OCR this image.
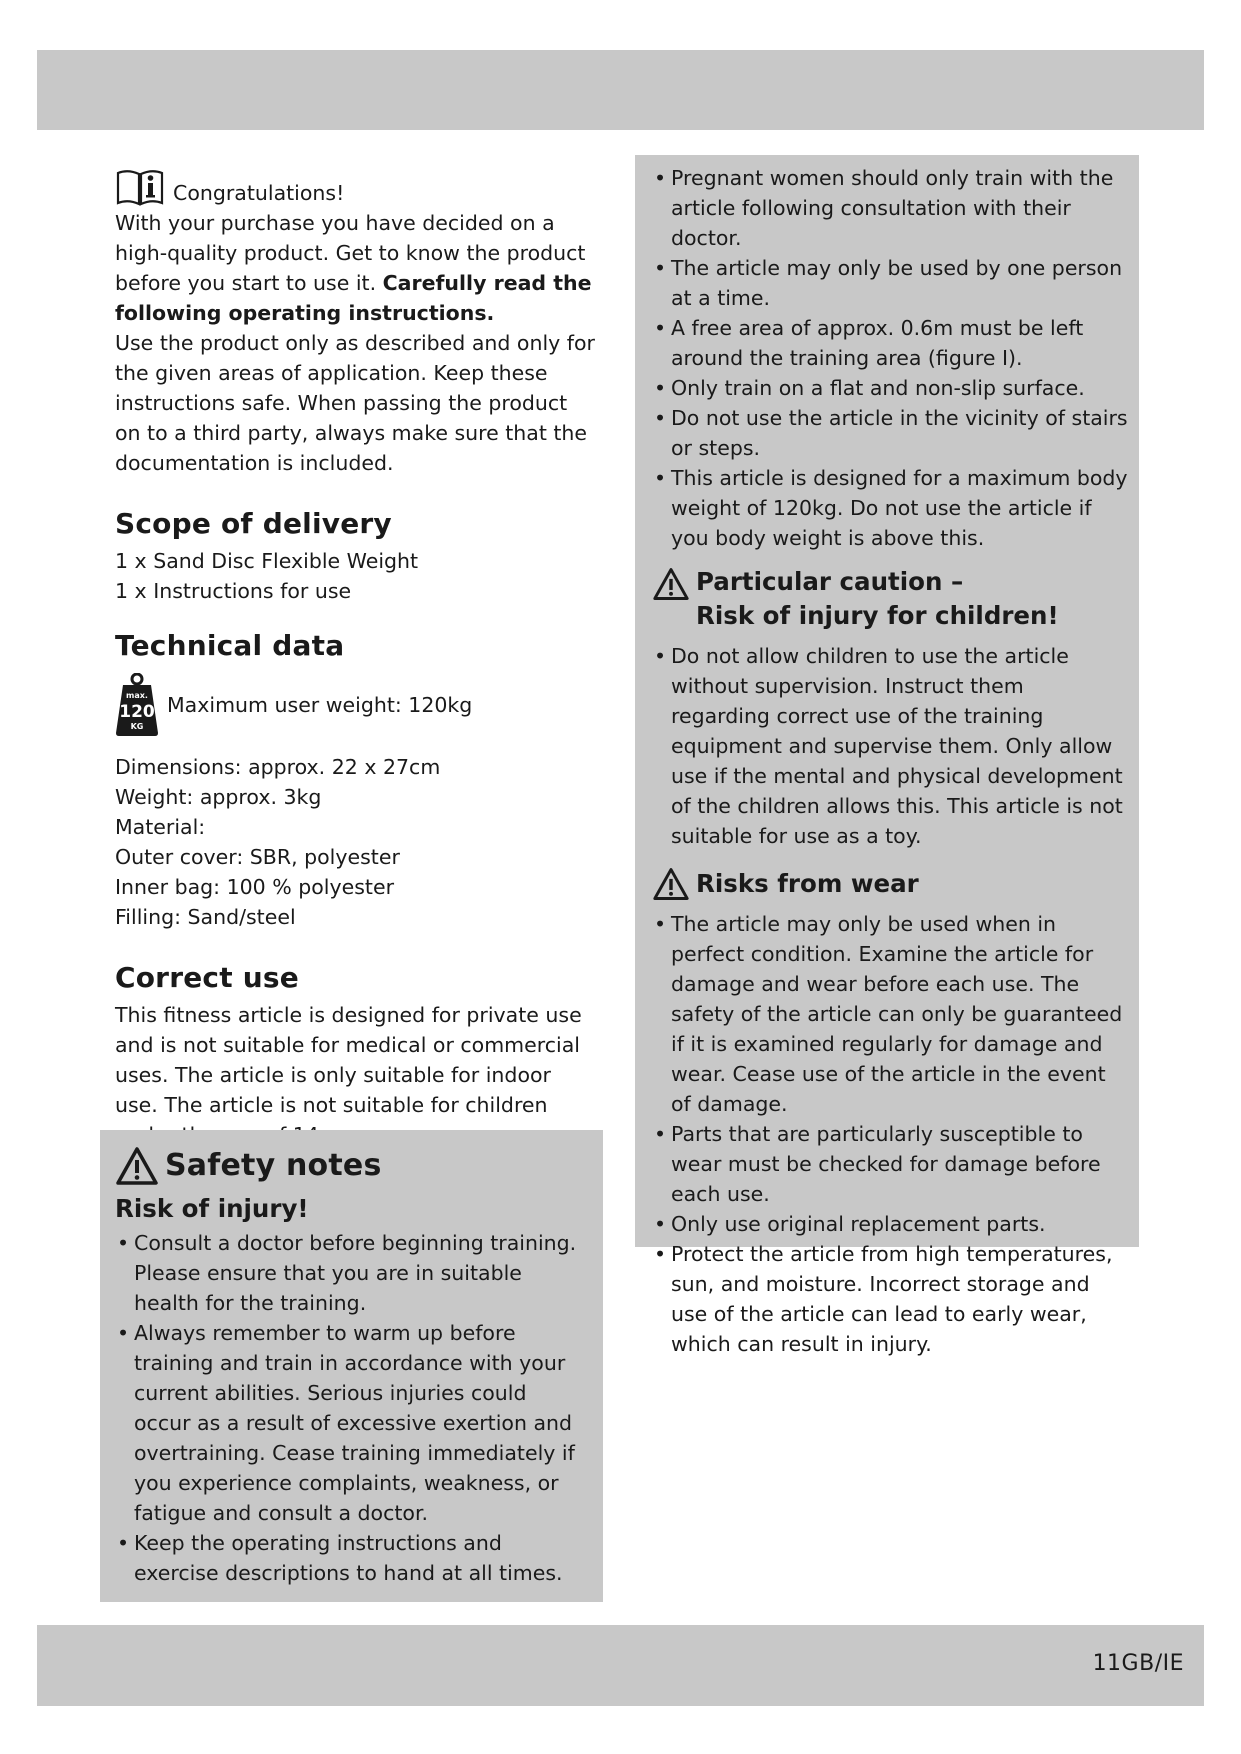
Congratulations!

With your purchase you have decided on a high-quality product. Get to know the product before you start to use it. Carefully read the following operating instructions.

Use the product only as described and only for the given areas of application. Keep these instructions safe. When passing the product on to a third party, always make sure that the documentation is included.

Scope of delivery

1 x Sand Disc Flexible Weight

1 x Instructions for use

Technical data
max.
120
KG
Maximum user weight: 120kg

Dimensions: approx. 22 x 27cm

Weight: approx. 3kg

Material:

Outer cover: SBR, polyester

Inner bag: 100 % polyester

Filling: Sand/steel

Correct use

This fitness article is designed for private use and is not suitable for medical or commercial uses. The article is only suitable for indoor use. The article is not suitable for children

Safety notes
Risk of injury!
• Consult a doctor before beginning training. Please ensure that you are in suitable health for the training.
• Always remember to warm up before training and train in accordance with your current abilities. Serious injuries could occur as a result of excessive exertion and overtraining. Cease training immediately if you experience complaints, weakness, or fatigue and consult a doctor.
• Keep the operating instructions and exercise descriptions to hand at all times.
• Pregnant women should only train with the article following consultation with their doctor.
• The article may only be used by one person at a time.
• A free area of approx. 0.6m must be left around the training area (figure I).
• Only train on a flat and non-slip surface.
• Do not use the article in the vicinity of stairs or steps.
• This article is designed for a maximum body weight of 120kg. Do not use the article if you body weight is above this.
Particular caution –
Risk of injury for children!
• Do not allow children to use the article without supervision. Instruct them regarding correct use of the training equipment and supervise them. Only allow use if the mental and physical development of the children allows this. This article is not suitable for use as a toy.
Risks from wear
• The article may only be used when in perfect condition. Examine the article for damage and wear before each use. The safety of the article can only be guaranteed if it is examined regularly for damage and wear. Cease use of the article in the event of damage.
• Parts that are particularly susceptible to wear must be checked for damage before each use.
• Only use original replacement parts.
• Protect the article from high temperatures, sun, and moisture. Incorrect storage and use of the article can lead to early wear, which can result in injury.
11GB/IE
